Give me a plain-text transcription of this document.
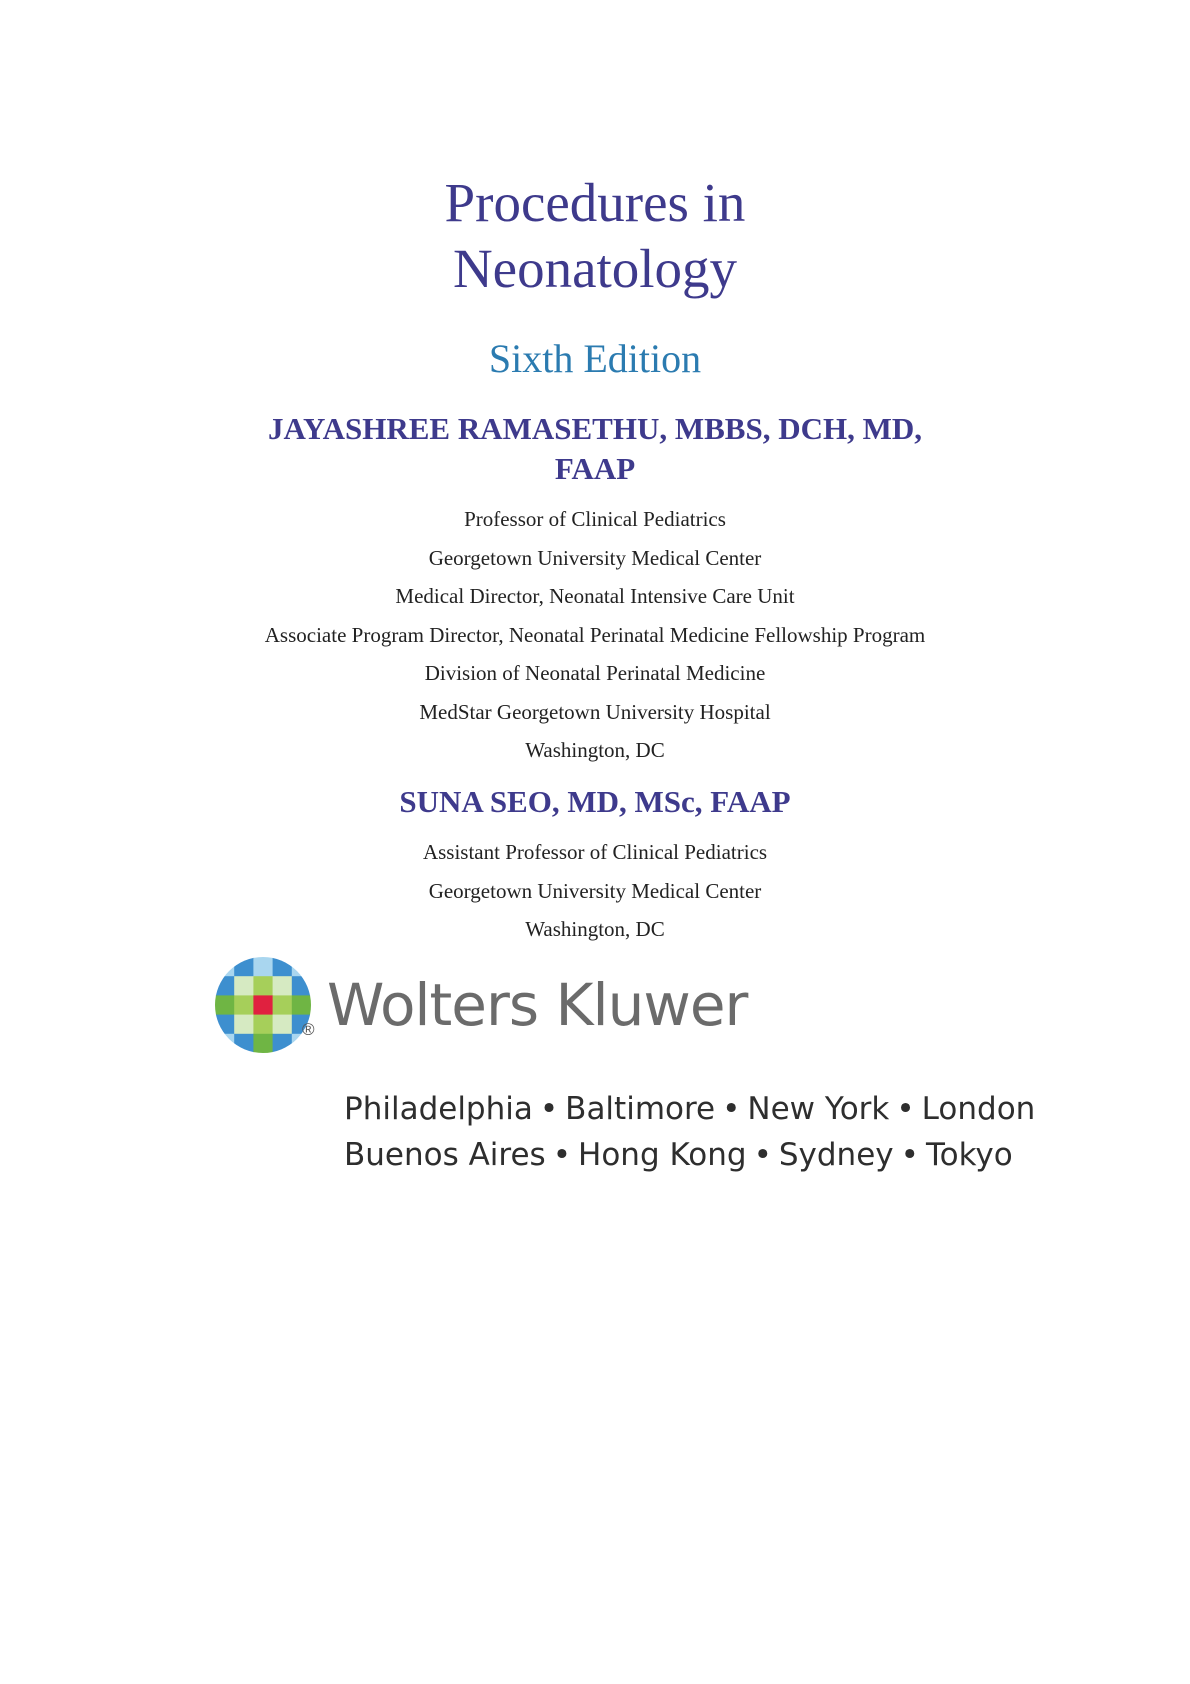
Procedures in
Neonatology
Sixth Edition
JAYASHREE RAMASETHU, MBBS, DCH, MD,
FAAP
Professor of Clinical Pediatrics
Georgetown University Medical Center
Medical Director, Neonatal Intensive Care Unit
Associate Program Director, Neonatal Perinatal Medicine Fellowship Program
Division of Neonatal Perinatal Medicine
MedStar Georgetown University Hospital
Washington, DC
SUNA SEO, MD, MSc, FAAP
Assistant Professor of Clinical Pediatrics
Georgetown University Medical Center
Washington, DC
® Wolters Kluwer
Philadelphia • Baltimore • New York • London
Buenos Aires • Hong Kong • Sydney • Tokyo
